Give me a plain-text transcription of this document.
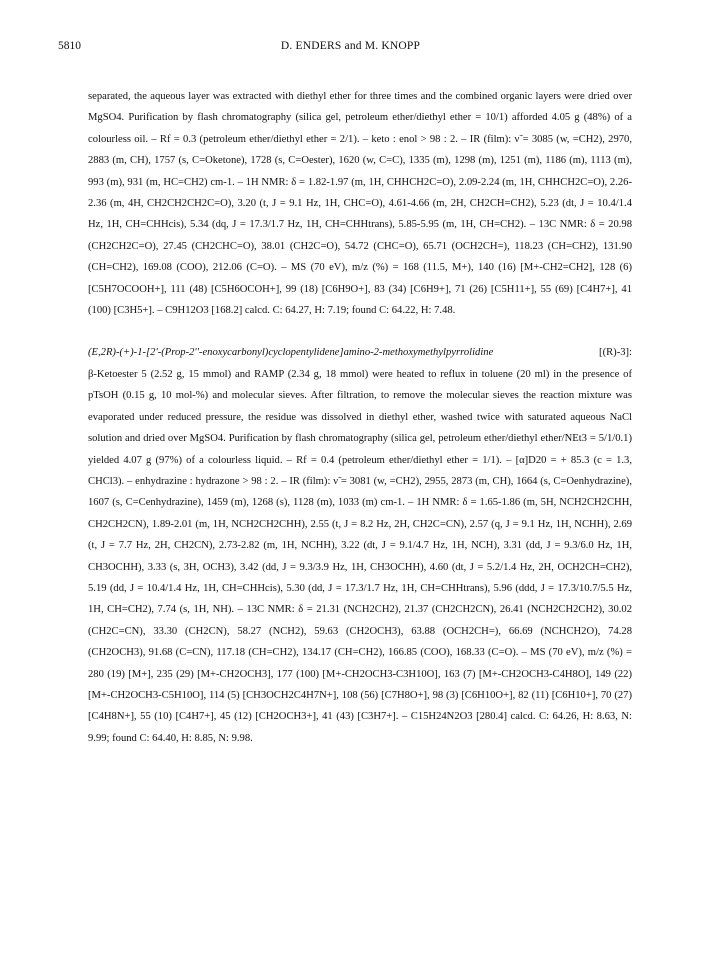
5810	D. ENDERS and M. KNOPP

separated, the aqueous layer was extracted with diethyl ether for three times and the combined organic layers were dried over MgSO4. Purification by flash chromatography (silica gel, petroleum ether/diethyl ether = 10/1) afforded 4.05 g (48%) of a colourless oil. – Rf = 0.3 (petroleum ether/diethyl ether = 2/1). – keto : enol > 98 : 2. – IR (film): ν̃ = 3085 (w, =CH2), 2970, 2883 (m, CH), 1757 (s, C=Oketone), 1728 (s, C=Oester), 1620 (w, C=C), 1335 (m), 1298 (m), 1251 (m), 1186 (m), 1113 (m), 993 (m), 931 (m, HC=CH2) cm-1. – 1H NMR: δ = 1.82-1.97 (m, 1H, CHHCH2C=O), 2.09-2.24 (m, 1H, CHHCH2C=O), 2.26-2.36 (m, 4H, CH2CH2CH2C=O), 3.20 (t, J = 9.1 Hz, 1H, CHC=O), 4.61-4.66 (m, 2H, CH2CH=CH2), 5.23 (dt, J = 10.4/1.4 Hz, 1H, CH=CHHcis), 5.34 (dq, J = 17.3/1.7 Hz, 1H, CH=CHHtrans), 5.85-5.95 (m, 1H, CH=CH2). – 13C NMR: δ = 20.98 (CH2CH2C=O), 27.45 (CH2CHC=O), 38.01 (CH2C=O), 54.72 (CHC=O), 65.71 (OCH2CH=), 118.23 (CH=CH2), 131.90 (CH=CH2), 169.08 (COO), 212.06 (C=O). – MS (70 eV), m/z (%) = 168 (11.5, M+), 140 (16) [M+-CH2=CH2], 128 (6) [C5H7OCOOH+], 111 (48) [C5H6OCOH+], 99 (18) [C6H9O+], 83 (34) [C6H9+], 71 (26) [C5H11+], 55 (69) [C4H7+], 41 (100) [C3H5+]. – C9H12O3 [168.2] calcd. C: 64.27, H: 7.19; found C: 64.22, H: 7.48.

(E,2R)-(+)-1-[2'-(Prop-2''-enoxycarbonyl)cyclopentylidene]amino-2-methoxymethylpyrrolidine	[(R)-3]:

β-Ketoester 5 (2.52 g, 15 mmol) and RAMP (2.34 g, 18 mmol) were heated to reflux in toluene (20 ml) in the presence of pTsOH (0.15 g, 10 mol-%) and molecular sieves. After filtration, to remove the molecular sieves the reaction mixture was evaporated under reduced pressure, the residue was dissolved in diethyl ether, washed twice with saturated aqueous NaCl solution and dried over MgSO4. Purification by flash chromatography (silica gel, petroleum ether/diethyl ether/NEt3 = 5/1/0.1) yielded 4.07 g (97%) of a colourless liquid. – Rf = 0.4 (petroleum ether/diethyl ether = 1/1). – [α]D20 = + 85.3 (c = 1.3, CHCl3). – enhydrazine : hydrazone > 98 : 2. – IR (film): ν̃ = 3081 (w, =CH2), 2955, 2873 (m, CH), 1664 (s, C=Oenhydrazine), 1607 (s, C=Cenhydrazine), 1459 (m), 1268 (s), 1128 (m), 1033 (m) cm-1. – 1H NMR: δ = 1.65-1.86 (m, 5H, NCH2CH2CHH, CH2CH2CN), 1.89-2.01 (m, 1H, NCH2CH2CHH), 2.55 (t, J = 8.2 Hz, 2H, CH2C=CN), 2.57 (q, J = 9.1 Hz, 1H, NCHH), 2.69 (t, J = 7.7 Hz, 2H, CH2CN), 2.73-2.82 (m, 1H, NCHH), 3.22 (dt, J = 9.1/4.7 Hz, 1H, NCH), 3.31 (dd, J = 9.3/6.0 Hz, 1H, CH3OCHH), 3.33 (s, 3H, OCH3), 3.42 (dd, J = 9.3/3.9 Hz, 1H, CH3OCHH), 4.60 (dt, J = 5.2/1.4 Hz, 2H, OCH2CH=CH2), 5.19 (dd, J = 10.4/1.4 Hz, 1H, CH=CHHcis), 5.30 (dd, J = 17.3/1.7 Hz, 1H, CH=CHHtrans), 5.96 (ddd, J = 17.3/10.7/5.5 Hz, 1H, CH=CH2), 7.74 (s, 1H, NH). – 13C NMR: δ = 21.31 (NCH2CH2), 21.37 (CH2CH2CN), 26.41 (NCH2CH2CH2), 30.02 (CH2C=CN), 33.30 (CH2CN), 58.27 (NCH2), 59.63 (CH2OCH3), 63.88 (OCH2CH=), 66.69 (NCHCH2O), 74.28 (CH2OCH3), 91.68 (C=CN), 117.18 (CH=CH2), 134.17 (CH=CH2), 166.85 (COO), 168.33 (C=O). – MS (70 eV), m/z (%) = 280 (19) [M+], 235 (29) [M+-CH2OCH3], 177 (100) [M+-CH2OCH3-C3H10O], 163 (7) [M+-CH2OCH3-C4H8O], 149 (22) [M+-CH2OCH3-C5H10O], 114 (5) [CH3OCH2C4H7N+], 108 (56) [C7H8O+], 98 (3) [C6H10O+], 82 (11) [C6H10+], 70 (27) [C4H8N+], 55 (10) [C4H7+], 45 (12) [CH2OCH3+], 41 (43) [C3H7+]. – C15H24N2O3 [280.4] calcd. C: 64.26, H: 8.63, N: 9.99; found C: 64.40, H: 8.85, N: 9.98.
